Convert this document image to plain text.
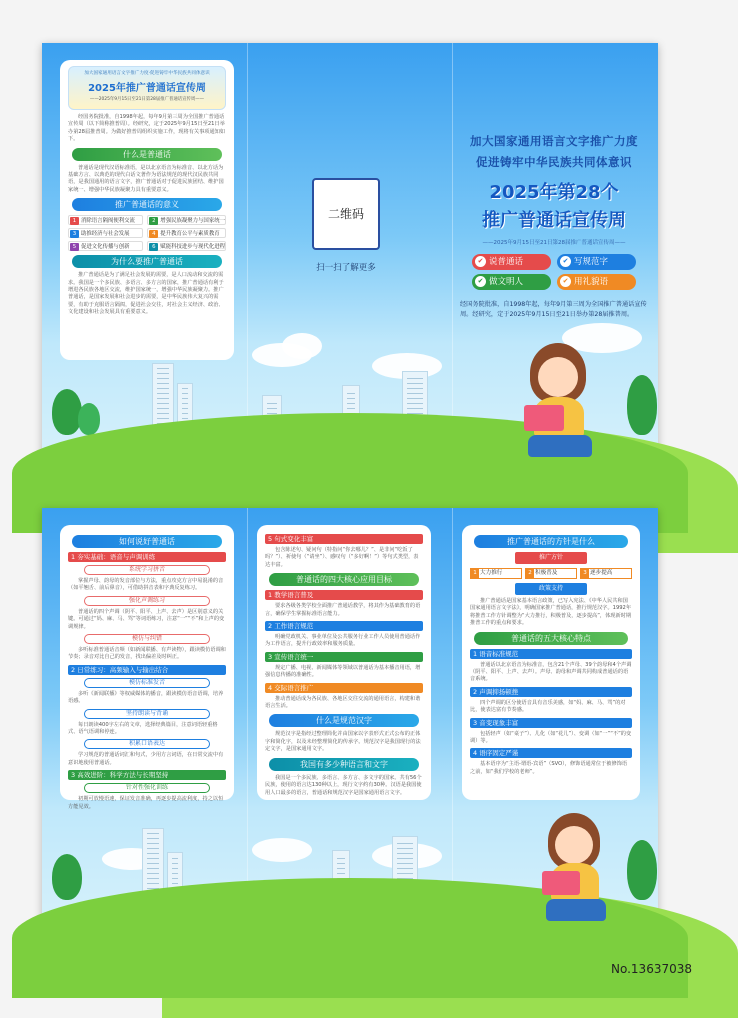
加大国家通用语言文字推广力度·促进铸牢中华民族共同体意识
2025年推广普通话宣传周
——2025年9月15日至21日第28届推广普通话宣传周——

经国务院批准，自1998年起，每年9月第三周为全国推广普通话宣传周（以下简称推普周）。经研究，定于2025年9月15日至21日举办第28届推普周。为做好推普周组织实施工作，现将有关事项通知如下。

什么是普通话

普通话是现代汉语标准语，是以北京语音为标准音、以北方话为基础方言、以典范的现代白话文著作为语法规范的现代汉民族共同语，是我国通用的语言文字，推广普通话对于促进民族团结、维护国家统一、增强中华民族凝聚力具有重要意义。

推广普通话的意义
1 消除语言隔阂便利交流	2 增强民族凝聚力与国家统一
3 助推经济与社会发展	4 提升教育公平与素质教育
5 促进文化传播与创新	6 赋能科技进步与现代化进程
为什么要推广普通话

推广普通话是为了满足社会发展的需要，是人口流动和交流的需求。我国是一个多民族、多语言、多方言的国家，推广普通话有利于增进各民族各地区交流，维护国家统一，增强中华民族凝聚力。推广普通话，是国家发展和社会进步的需要，是中华民族伟大复兴的需要，有助于克服语言隔阂，促进社会交往，对社会主义经济、政治、文化建设和社会发展具有重要意义。

二维码
扫一扫了解更多
加大国家通用语言文字推广力度
促进铸牢中华民族共同体意识
2025年第28个
推广普通话宣传周
——2025年9月15日至21日第28届推广普通话宣传周——
✔ 说普通话	✔ 写规范字
✔ 做文明人	✔ 用礼貌语

经国务院批准，自1998年起，每年9月第三周为全国推广普通话宣传周。经研究，定于2025年9月15日至21日举办第28届推普周。

如何说好普通话
1 夯实基础：语音与声调训练
系统学习拼音

掌握声母、韵母的发音部位与方法，重点攻克方言中易混淆的音（如平翘舌、前后鼻音），可借助拼音表和字典反复练习。

强化声调练习

普通话的四个声调（阴平、阳平、上声、去声）是区别意义的关键。可通过“妈、麻、马、骂”等词语练习，注意“一”“不”和上声的变调规律。

模仿与纠错

多听标准普通话音频（如新闻联播、有声读物），跟读模仿语调和节奏；录音对比自己的发音，找出偏差及时纠正。

2 日常练习：高频输入与输出结合
模仿标准发音

多听《新闻联播》等权威媒体的播音，跟读模仿语音语调，培养语感。

坚持朗读与背诵

每日朗读400字左右的文章，选择经典篇目，注意词语轻重格式、语气语调和停连。

积累口语表达

学习规范的普通话词汇和句式，少用方言词语，在日常交流中有意识地使用普通话。

3 高效进阶：科学方法与长期坚持
针对性强化训练

初期可放慢语速，保证发音准确，再逐步提高流利度，持之以恒方能见效。

5 句式变化丰富

包含陈述句、疑问句（特指问“你去哪儿？”、是非问“吃饭了吗？”）、祈使句（“请坐”）、感叹句（“多好啊！”）等句式类型，表达丰富。

普通话的四大核心应用目标
1 教学语言普及

要求各级各类学校全面推广普通话教学，将其作为基础教育的语言，确保学生掌握标准语言能力。

2 工作语言规范

明确党政机关、事业单位及公共服务行业工作人员使用普通话作为工作语言，提升行政效率和服务质量。

3 宣传语言统一

规定广播、电视、新闻媒体等领域以普通话为基本播音用语，增强信息传播的准确性。

4 交际语言推广

推动普通话成为各民族、各地区交往交流的通用语言，构建和谐语言生活。

什么是规范汉字

规范汉字是指经过整理简化并由国家以字表形式正式公布的正体字和简化字，以及未经整理简化的传承字。规范汉字是我国现行的法定文字，是国家通用文字。

我国有多少种语言和文字

我国是一个多民族、多语言、多方言、多文字的国家。共有56个民族，使用的语言达130种以上，现行文字约有30种。汉语是我国使用人口最多的语言，普通话和规范汉字是国家通用语言文字。

推广普通话的方针是什么
推广方针
1 大力推行	2 积极普及	3 逐步提高
政策支持

推广普通话是国家基本语言政策，已写入宪法、《中华人民共和国国家通用语言文字法》，明确国家推广普通话，推行规范汉字。1992年将推普工作方针调整为“大力推行，积极普及，逐步提高”，体现新时期推普工作的重点和要求。

普通话的五大核心特点
1 语音标准规范

普通话以北京语音为标准音，包含21个声母、39个韵母和4个声调（阴平、阳平、上声、去声）。声母、韵母和声调共同构成普通话的语音系统。

2 声调抑扬顿挫

四个声调的区分使语音具有音乐美感，如“妈、麻、马、骂”的对比，使表达富有节奏感。

3 音变现象丰富

包括轻声（如“桌子”）、儿化（如“花儿”）、变调（如“一”“不”的变调）等。

4 语序固定严谨

基本语序为“主语-谓语-宾语”（SVO），修饰语通常位于被修饰语之前，如“我们学校的老师”。

No.13637038
